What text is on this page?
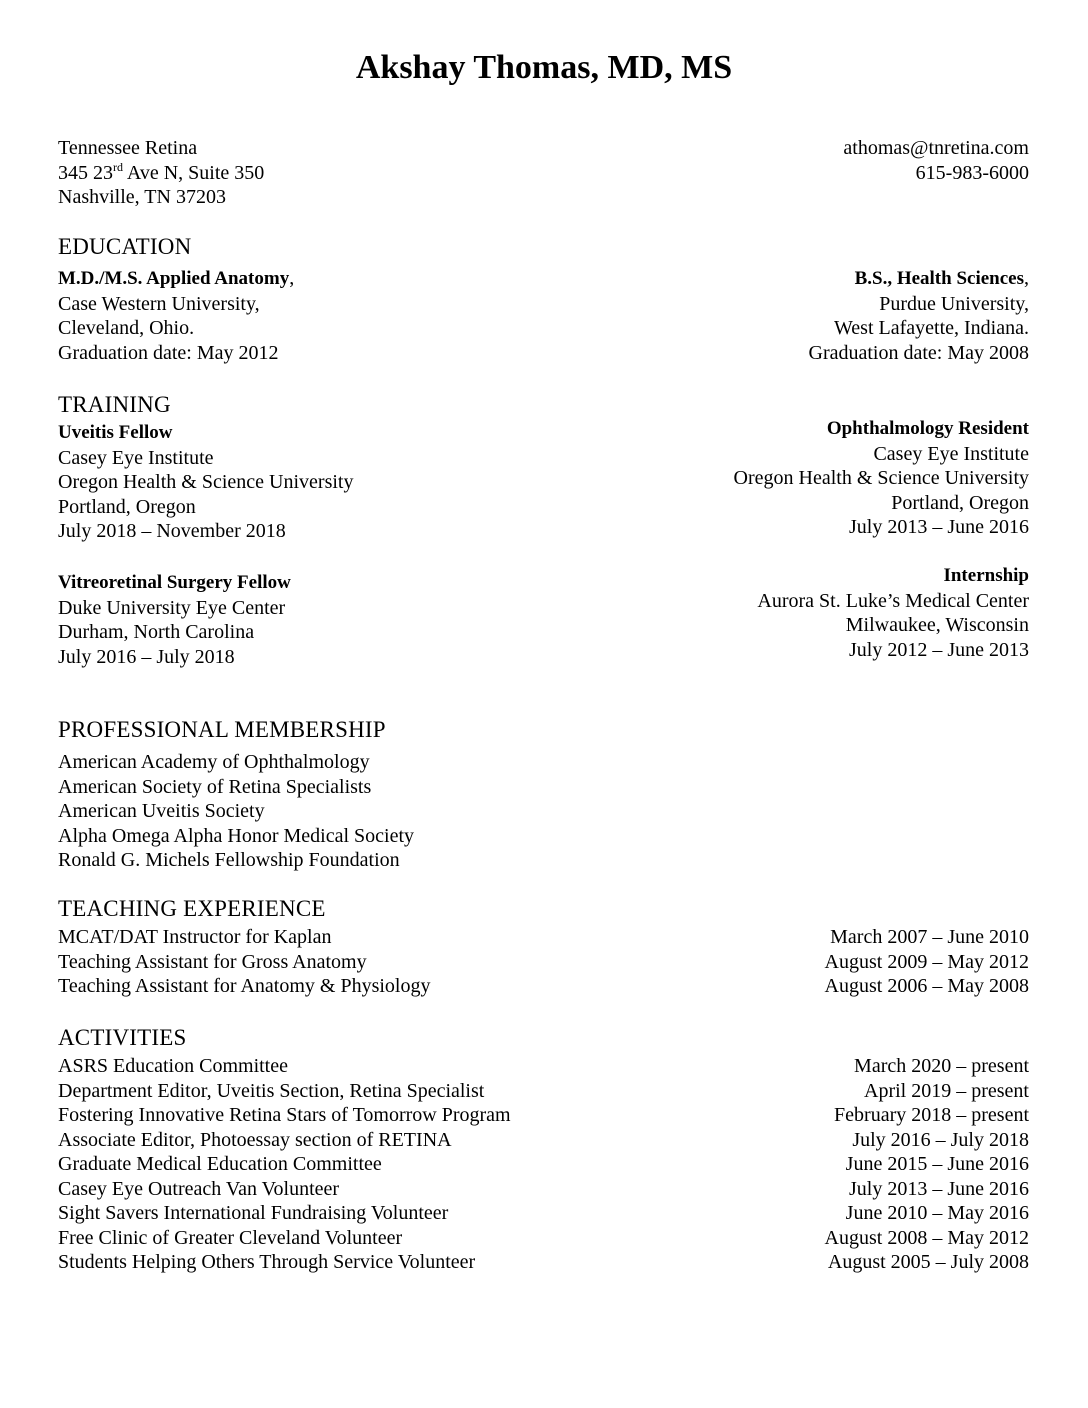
Akshay Thomas, MD, MS
Tennessee Retina
345 23rd Ave N, Suite 350
Nashville, TN 37203
athomas@tnretina.com
615-983-6000
EDUCATION
M.D./M.S. Applied Anatomy,
Case Western University,
Cleveland, Ohio.
Graduation date: May 2012
B.S., Health Sciences,
Purdue University,
West Lafayette, Indiana.
Graduation date: May 2008
TRAINING
Uveitis Fellow
Casey Eye Institute
Oregon Health & Science University
Portland, Oregon
July 2018 – November 2018
Ophthalmology Resident
Casey Eye Institute
Oregon Health & Science University
Portland, Oregon
July 2013 – June 2016
Vitreoretinal Surgery Fellow
Duke University Eye Center
Durham, North Carolina
July 2016 – July 2018
Internship
Aurora St. Luke’s Medical Center
Milwaukee, Wisconsin
July 2012 – June 2013
PROFESSIONAL MEMBERSHIP
American Academy of Ophthalmology
American Society of Retina Specialists
American Uveitis Society
Alpha Omega Alpha Honor Medical Society
Ronald G. Michels Fellowship Foundation
TEACHING EXPERIENCE
MCAT/DAT Instructor for Kaplan	March 2007 – June 2010
Teaching Assistant for Gross Anatomy	August 2009 – May 2012
Teaching Assistant for Anatomy & Physiology	August 2006 – May 2008
ACTIVITIES
ASRS Education Committee	March 2020 – present
Department Editor, Uveitis Section, Retina Specialist	April 2019 – present
Fostering Innovative Retina Stars of Tomorrow Program	February 2018 – present
Associate Editor, Photoessay section of RETINA	July 2016 – July 2018
Graduate Medical Education Committee	June 2015 – June 2016
Casey Eye Outreach Van Volunteer	July 2013 – June 2016
Sight Savers International Fundraising Volunteer	June 2010 – May 2016
Free Clinic of Greater Cleveland Volunteer	August 2008 – May 2012
Students Helping Others Through Service Volunteer	August 2005 – July 2008
